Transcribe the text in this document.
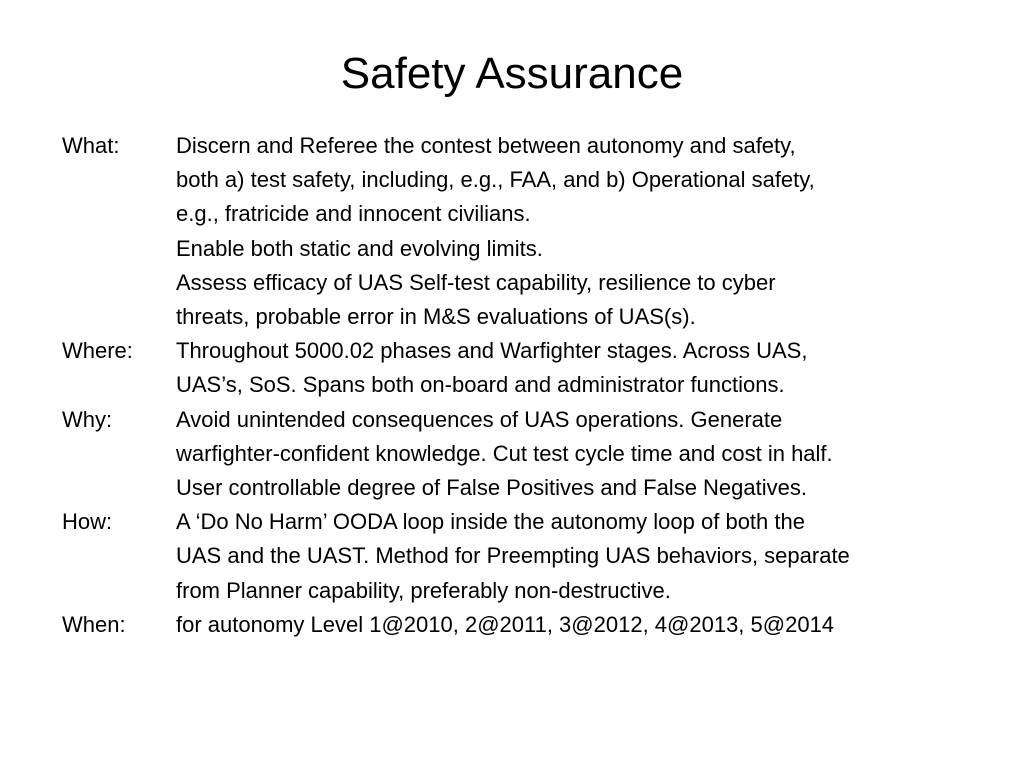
Safety Assurance
What:	Discern and Referee the contest between autonomy and safety,
both a) test safety, including, e.g., FAA, and b) Operational safety,
e.g., fratricide and innocent civilians.
Enable both static and evolving limits.
Assess efficacy of UAS Self-test capability, resilience to cyber
threats, probable error in M&S evaluations of UAS(s).
Where:	Throughout 5000.02 phases and Warfighter stages. Across UAS,
UAS’s, SoS. Spans both on-board and administrator functions.
Why:	Avoid unintended consequences of UAS operations. Generate
warfighter-confident knowledge. Cut test cycle time and cost in half.
User controllable degree of False Positives and False Negatives.
How:	A ‘Do No Harm’ OODA loop inside the autonomy loop of both the
UAS and the UAST. Method for Preempting UAS behaviors, separate
from Planner capability, preferably non-destructive.
When:	for autonomy Level 1@2010, 2@2011, 3@2012, 4@2013, 5@2014
